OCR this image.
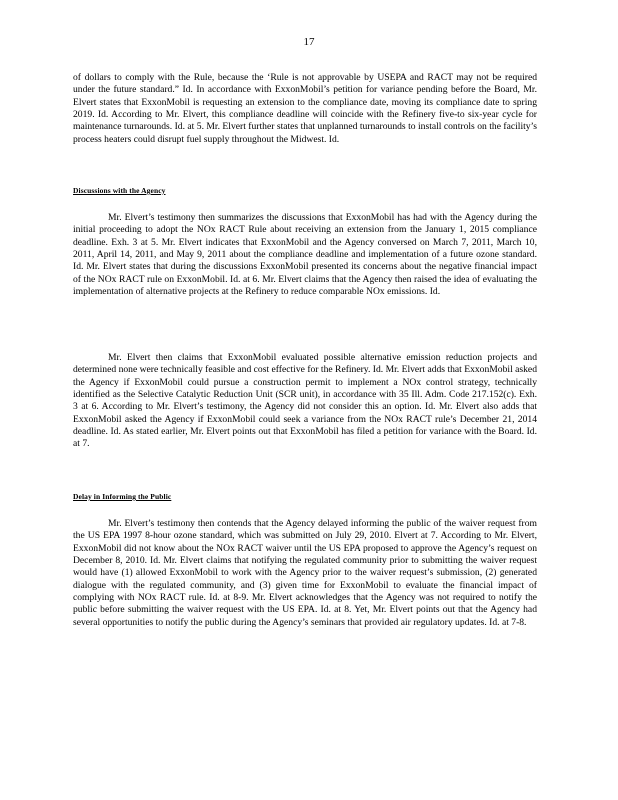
17

of dollars to comply with the Rule, because the ‘Rule is not approvable by USEPA and RACT may not be required under the future standard.” Id. In accordance with ExxonMobil’s petition for variance pending before the Board, Mr. Elvert states that ExxonMobil is requesting an extension to the compliance date, moving its compliance date to spring 2019. Id. According to Mr. Elvert, this compliance deadline will coincide with the Refinery five-to six-year cycle for maintenance turnarounds. Id. at 5. Mr. Elvert further states that unplanned turnarounds to install controls on the facility’s process heaters could disrupt fuel supply throughout the Midwest. Id.

Discussions with the Agency

Mr. Elvert’s testimony then summarizes the discussions that ExxonMobil has had with the Agency during the initial proceeding to adopt the NOx RACT Rule about receiving an extension from the January 1, 2015 compliance deadline. Exh. 3 at 5. Mr. Elvert indicates that ExxonMobil and the Agency conversed on March 7, 2011, March 10, 2011, April 14, 2011, and May 9, 2011 about the compliance deadline and implementation of a future ozone standard. Id. Mr. Elvert states that during the discussions ExxonMobil presented its concerns about the negative financial impact of the NOx RACT rule on ExxonMobil. Id. at 6. Mr. Elvert claims that the Agency then raised the idea of evaluating the implementation of alternative projects at the Refinery to reduce comparable NOx emissions. Id.

Mr. Elvert then claims that ExxonMobil evaluated possible alternative emission reduction projects and determined none were technically feasible and cost effective for the Refinery. Id. Mr. Elvert adds that ExxonMobil asked the Agency if ExxonMobil could pursue a construction permit to implement a NOx control strategy, technically identified as the Selective Catalytic Reduction Unit (SCR unit), in accordance with 35 Ill. Adm. Code 217.152(c). Exh. 3 at 6. According to Mr. Elvert’s testimony, the Agency did not consider this an option. Id. Mr. Elvert also adds that ExxonMobil asked the Agency if ExxonMobil could seek a variance from the NOx RACT rule’s December 21, 2014 deadline. Id. As stated earlier, Mr. Elvert points out that ExxonMobil has filed a petition for variance with the Board. Id. at 7.

Delay in Informing the Public

Mr. Elvert’s testimony then contends that the Agency delayed informing the public of the waiver request from the US EPA 1997 8-hour ozone standard, which was submitted on July 29, 2010. Elvert at 7. According to Mr. Elvert, ExxonMobil did not know about the NOx RACT waiver until the US EPA proposed to approve the Agency’s request on December 8, 2010. Id. Mr. Elvert claims that notifying the regulated community prior to submitting the waiver request would have (1) allowed ExxonMobil to work with the Agency prior to the waiver request’s submission, (2) generated dialogue with the regulated community, and (3) given time for ExxonMobil to evaluate the financial impact of complying with NOx RACT rule. Id. at 8-9. Mr. Elvert acknowledges that the Agency was not required to notify the public before submitting the waiver request with the US EPA. Id. at 8. Yet, Mr. Elvert points out that the Agency had several opportunities to notify the public during the Agency’s seminars that provided air regulatory updates. Id. at 7-8.
